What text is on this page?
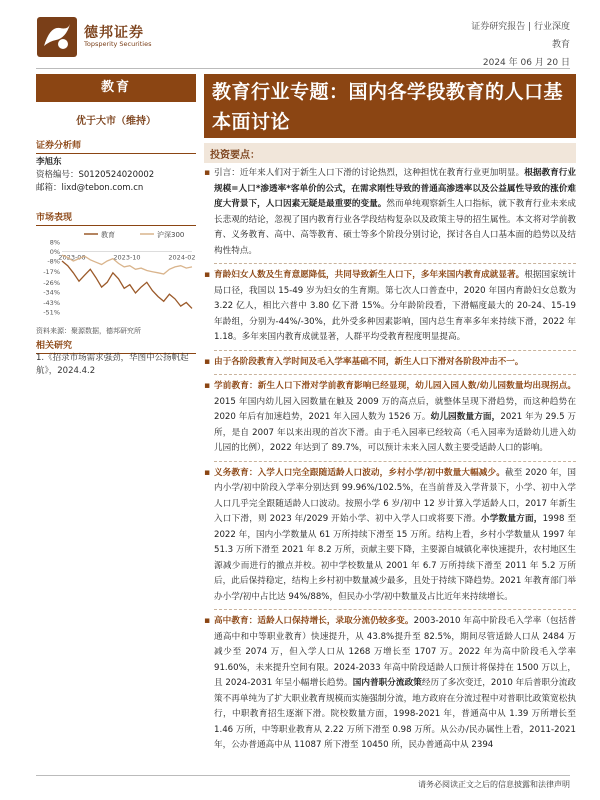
德邦证券
Topsperity Securities
证券研究报告 | 行业深度
教育
2024 年 06 月 20 日
教育
优于大市（维持）
证券分析师
李旭东
资格编号：S0120524020002
邮箱：lixd@tebon.com.cn
市场表现
教育	沪深300
8%
0%
-8%
-17%
-26%
-34%
-43%
-51%
2023-06	2023-10	2024-02
资料来源：聚源数据，德邦研究所
相关研究
1.《招录市场需求强劲，华图中公扬帆起航》，2024.4.2
教育行业专题：国内各学段教育的人口基本面讨论
投资要点：
▪ 引言：近年来人们对于新生人口下滑的讨论热烈，这种担忧在教育行业更加明显。根据教育行业规模=人口*渗透率*客单价的公式，在需求刚性导致的普通高渗透率以及公益属性导致的涨价难度大背景下，人口因素无疑是最重要的变量。然而单纯观察新生人口指标，就下教育行业未来成长悲观的结论，忽视了国内教育行业各学段结构复杂以及政策主导的招生属性。本文将对学前教育、义务教育、高中、高等教育、硕士等多个阶段分别讨论，探讨各自人口基本面的趋势以及结构性特点。
▪ 育龄妇女人数及生育意愿降低，共同导致新生人口下，多年来国内教育成就显著。根据国家统计局口径，我国以 15-49 岁为妇女的生育期。第七次人口普查中，2020 年国内育龄妇女总数为 3.22 亿人，相比六普中 3.80 亿下滑 15%。分年龄阶段看，下滑幅度最大的 20-24、15-19 年龄组，分别为-44%/-30%，此外受多种因素影响，国内总生育率多年来持续下滑，2022 年 1.18。多年来国内教育成就显著，人群平均受教育程度明显提高。
▪ 由于各阶段教育入学时间及毛入学率基础不同，新生人口下滑对各阶段冲击不一。
▪ 学前教育：新生人口下滑对学前教育影响已经显现，幼儿园入园人数/幼儿园数量均出现拐点。2015 年国内幼儿园入园数量在触及 2009 万的高点后，就整体呈现下滑趋势，而这种趋势在 2020 年后有加速趋势，2021 年入园人数为 1526 万。幼儿园数量方面，2021 年为 29.5 万所，是自 2007 年以来出现的首次下滑。由于毛入园率已经较高（毛入园率为适龄幼儿进入幼儿园的比例），2022 年达到了 89.7%，可以预计未来入园人数主要受适龄人口的影响。
▪ 义务教育：入学人口完全跟随适龄人口波动，乡村小学/初中数量大幅减少。截至 2020 年，国内小学/初中阶段入学率分别达到 99.96%/102.5%，在当前普及入学背景下，小学、初中入学人口几乎完全跟随适龄人口波动。按照小学 6 岁/初中 12 岁计算入学适龄人口，2017 年新生入口下滑，则 2023 年/2029 开始小学、初中入学人口或将要下滑。小学数量方面，1998 至 2022 年，国内小学数量从 61 万所持续下滑至 15 万所。结构上看，乡村小学数量从 1997 年 51.3 万所下滑至 2021 年 8.2 万所，贡献主要下降，主要源自城镇化率快速提升，农村地区生源减少而进行的撤点并校。初中学校数量从 2001 年 6.7 万所持续下滑至 2011 年 5.2 万所后，此后保持稳定，结构上乡村初中数量减少最多，且处于持续下降趋势。2021 年教育部门举办小学/初中占比达 94%/88%，但民办小学/初中数量及占比近年来持续增长。
▪ 高中教育：适龄人口保持增长，录取分流仍较多变。2003-2010 年高中阶段毛入学率（包括普通高中和中等职业教育）快速提升，从 43.8%提升至 82.5%，期间尽管适龄人口从 2484 万减少至 2074 万，但入学人口从 1268 万增长至 1707 万。2022 年为高中阶段毛入学率 91.60%，未来提升空间有限。2024-2033 年高中阶段适龄人口预计将保持在 1500 万以上，且 2024-2031 年呈小幅增长趋势。国内普职分流政策经历了多次变迁，2010 年后普职分流政策不再单纯为了扩大职业教育规模而实施强制分流，地方政府在分流过程中对普职比政策宽松执行，中职教育招生逐渐下滑。院校数量方面，1998-2021 年，普通高中从 1.39 万所增长至 1.46 万所，中等职业教育从 2.22 万所下滑至 0.98 万所。从公办/民办属性上看，2011-2021 年，公办普通高中从 11087 所下滑至 10450 所，民办普通高中从 2394
请务必阅读正文之后的信息披露和法律声明
